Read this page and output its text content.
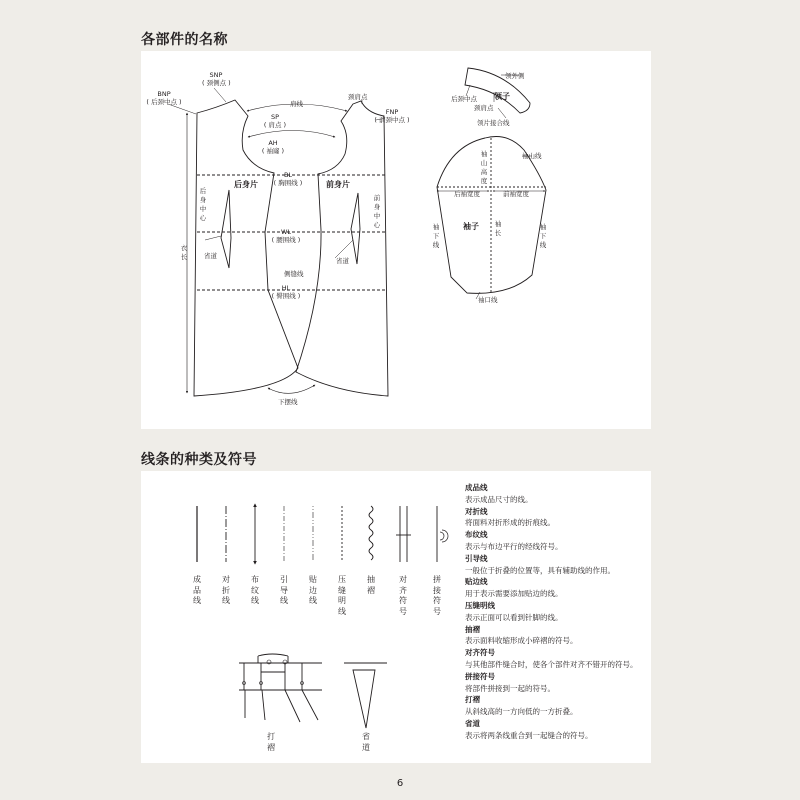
各部件的名称
线条的种类及符号
SNP
( 颈侧点 )
BNP
( 后颈中点 )	肩线
颈肩点
FNP
( 前颈中点 )
SP
( 肩点 )
AH
( 袖窿 )
BL
( 胸围线 )
后身片	前身片
后身中心
前身中心
WL
( 腰围线 )
省道
省道
衣长
侧缝线
HL
( 臀围线 )
下摆线
领外侧
后颈中点
颈肩点
领子
领片接合线
袖山线
袖山高度
后袖宽度	前袖宽度
袖下线
袖下线
袖子 袖长
袖口线
成品线
对折线
布纹线
引导线
贴边线
压缝明线
抽褶
对齐符号
拼接符号
打褶
省道
成品线
表示成品尺寸的线。
对折线
将面料对折形成的折痕线。
布纹线
表示与布边平行的经线符号。
引导线
一般位于折叠的位置等，具有辅助线的作用。
贴边线
用于表示需要添加贴边的线。
压缝明线
表示正面可以看到针脚的线。
抽褶
表示面料收缩形成小碎褶的符号。
对齐符号
与其他部件缝合时，使各个部件对齐不错开的符号。
拼接符号
将部件拼接到一起的符号。
打褶
从斜线高的一方向低的一方折叠。
省道
表示将两条线重合到一起缝合的符号。
6
